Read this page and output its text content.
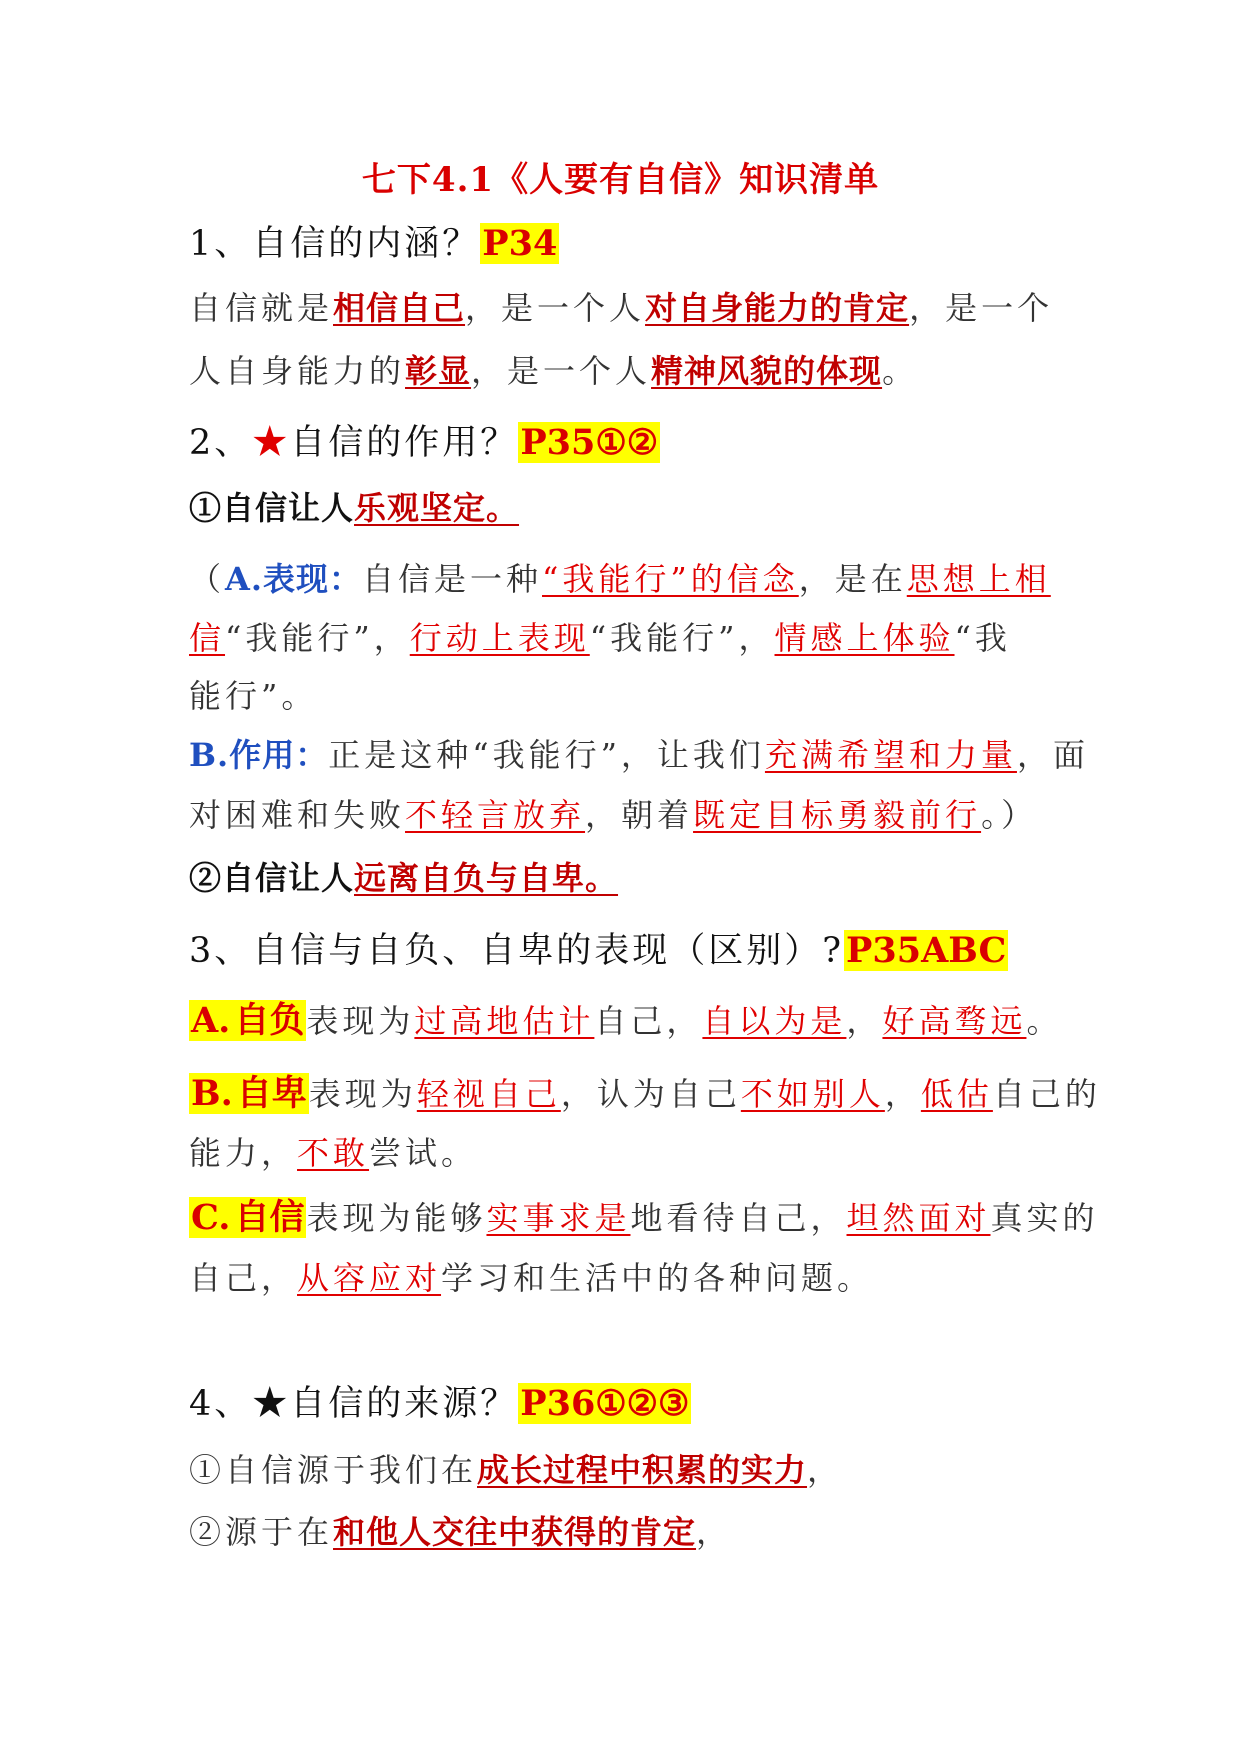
七下4.1《人要有自信》知识清单
1、自信的内涵？P34
自信就是相信自己，是一个人对自身能力的肯定，是一个
人自身能力的彰显，是一个人精神风貌的体现。
2、★自信的作用？P35①②
①自信让人乐观坚定。
（A.表现：自信是一种“我能行”的信念，是在思想上相
信“我能行”，行动上表现“我能行”，情感上体验“我
能行”。
B.作用：正是这种“我能行”，让我们充满希望和力量，面
对困难和失败不轻言放弃，朝着既定目标勇毅前行。）
②自信让人远离自负与自卑。
3、自信与自负、自卑的表现（区别）?P35ABC
A. 自负表现为过高地估计自己，自以为是，好高骛远。
B. 自卑表现为轻视自己，认为自己不如别人，低估自己的
能力，不敢尝试。
C. 自信表现为能够实事求是地看待自己，坦然面对真实的
自己，从容应对学习和生活中的各种问题。
4、★自信的来源？P36①②③
①自信源于我们在成长过程中积累的实力，
②源于在和他人交往中获得的肯定，
